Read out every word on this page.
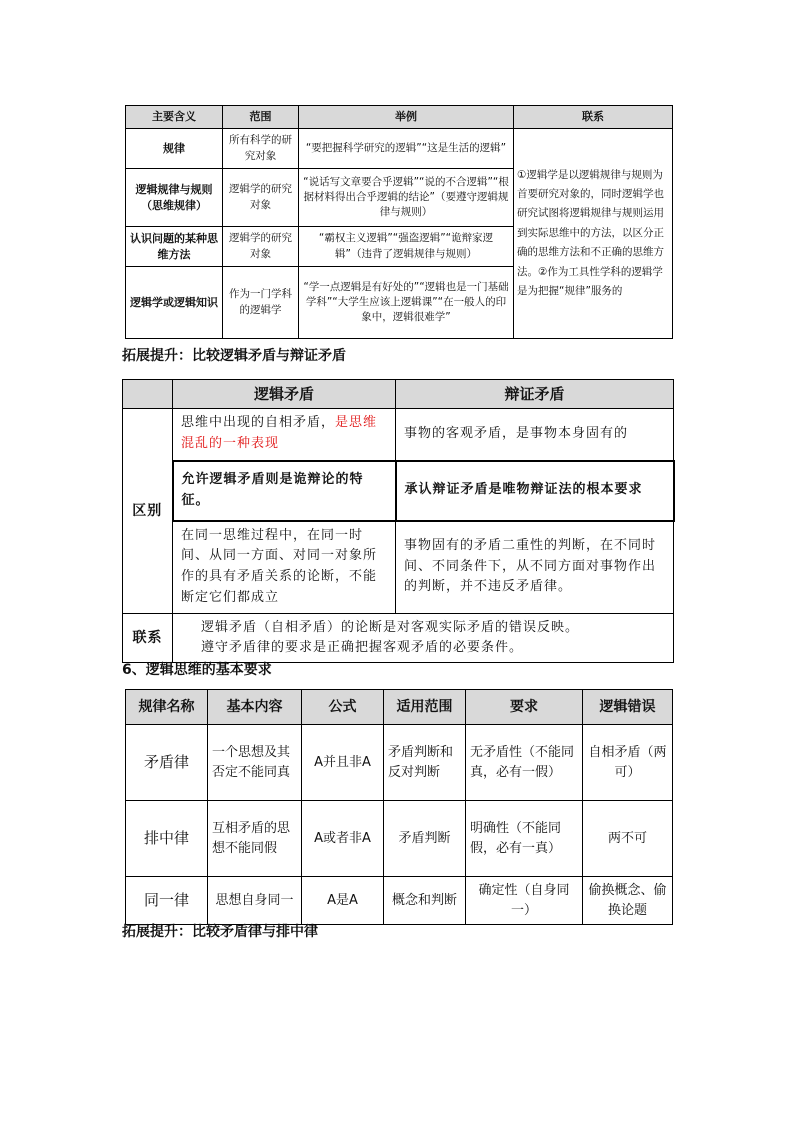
主要含义	范围	举例	联系
规律	所有科学的研究对象	“要把握科学研究的逻辑”“这是生活的逻辑”	①逻辑学是以逻辑规律与规则为首要研究对象的，同时逻辑学也研究试图将逻辑规律与规则运用到实际思维中的方法，以区分正确的思维方法和不正确的思维方法。②作为工具性学科的逻辑学是为把握“规律”服务的
逻辑规律与规则（思维规律）	逻辑学的研究对象	“说话写文章要合乎逻辑”“说的不合逻辑”“根据材料得出合乎逻辑的结论”（要遵守逻辑规律与规则）	
认识问题的某种思维方法	逻辑学的研究对象	“霸权主义逻辑”“强盗逻辑”“诡辩家逻辑”（违背了逻辑规律与规则）	
逻辑学或逻辑知识	作为一门学科的逻辑学	“学一点逻辑是有好处的”“逻辑也是一门基础学科”“大学生应该上逻辑课”“在一般人的印象中，逻辑很难学”	

拓展提升：比较逻辑矛盾与辩证矛盾

	逻辑矛盾	辩证矛盾
区别	思维中出现的自相矛盾，是思维混乱的一种表现	事物的客观矛盾，是事物本身固有的
	允许逻辑矛盾则是诡辩论的特征。	承认辩证矛盾是唯物辩证法的根本要求
	在同一思维过程中，在同一时间、从同一方面、对同一对象所作的具有矛盾关系的论断，不能断定它们都成立	事物固有的矛盾二重性的判断，在不同时间、不同条件下，从不同方面对事物作出的判断，并不违反矛盾律。
联系	逻辑矛盾（自相矛盾）的论断是对客观实际矛盾的错误反映。
遵守矛盾律的要求是正确把握客观矛盾的必要条件。	

6、逻辑思维的基本要求

规律名称	基本内容	公式	适用范围	要求	逻辑错误
矛盾律	一个思想及其否定不能同真	A并且非A	矛盾判断和反对判断	无矛盾性（不能同真，必有一假）	自相矛盾（两可）
排中律	互相矛盾的思想不能同假	A或者非A	矛盾判断	明确性（不能同假，必有一真）	两不可
同一律	思想自身同一	A是A	概念和判断	确定性（自身同一）	偷换概念、偷换论题

拓展提升：比较矛盾律与排中律
